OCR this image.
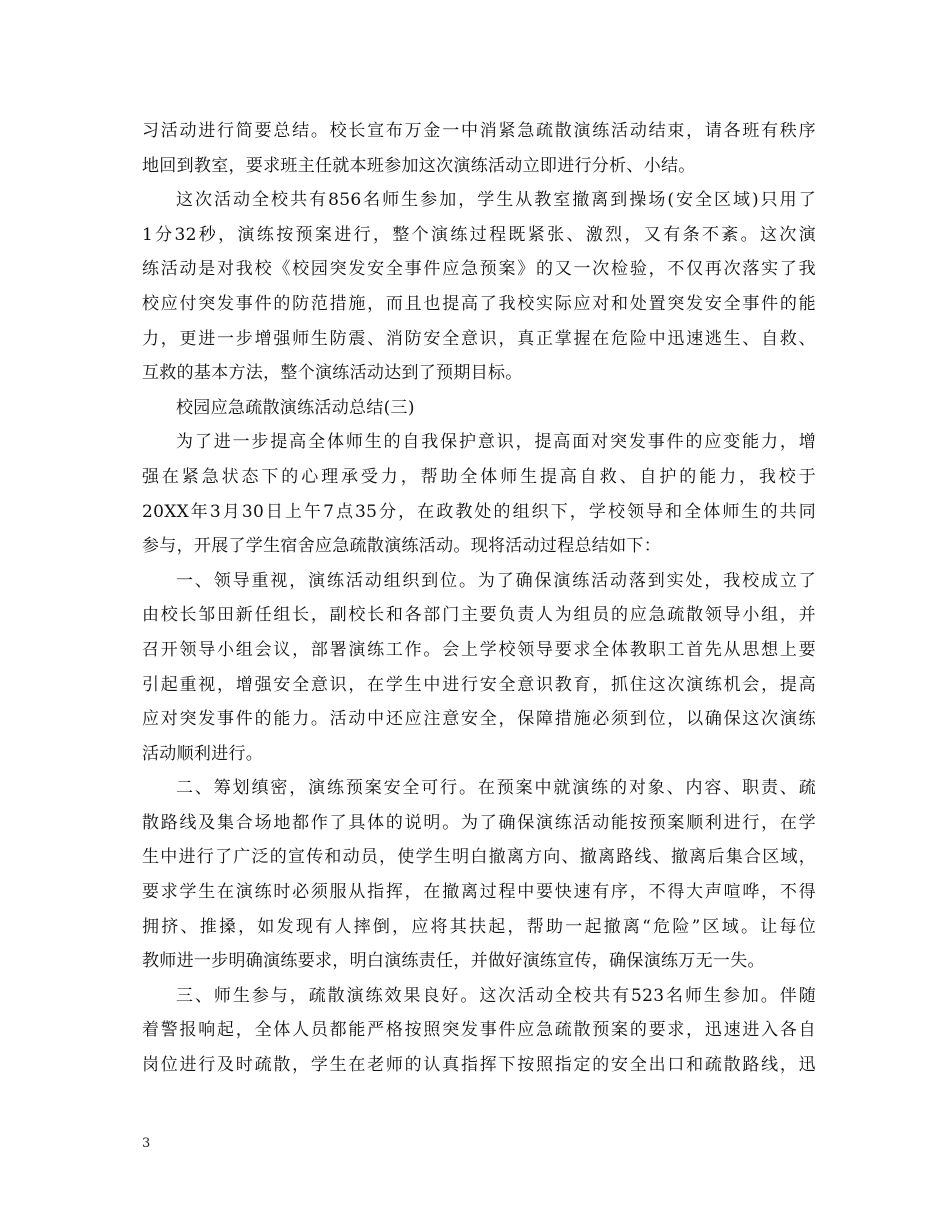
习活动进行简要总结。校长宣布万金一中消紧急疏散演练活动结束，请各班有秩序
地回到教室，要求班主任就本班参加这次演练活动立即进行分析、小结。
这次活动全校共有856名师生参加，学生从教室撤离到操场(安全区域)只用了
1分32秒，演练按预案进行，整个演练过程既紧张、激烈，又有条不紊。这次演
练活动是对我校《校园突发安全事件应急预案》的又一次检验，不仅再次落实了我
校应付突发事件的防范措施，而且也提高了我校实际应对和处置突发安全事件的能
力，更进一步增强师生防震、消防安全意识，真正掌握在危险中迅速逃生、自救、
互救的基本方法，整个演练活动达到了预期目标。
校园应急疏散演练活动总结(三)
为了进一步提高全体师生的自我保护意识，提高面对突发事件的应变能力，增
强在紧急状态下的心理承受力，帮助全体师生提高自救、自护的能力，我校于
20XX年3月30日上午7点35分，在政教处的组织下，学校领导和全体师生的共同
参与，开展了学生宿舍应急疏散演练活动。现将活动过程总结如下：
一、领导重视，演练活动组织到位。为了确保演练活动落到实处，我校成立了
由校长邹田新任组长，副校长和各部门主要负责人为组员的应急疏散领导小组，并
召开领导小组会议，部署演练工作。会上学校领导要求全体教职工首先从思想上要
引起重视，增强安全意识，在学生中进行安全意识教育，抓住这次演练机会，提高
应对突发事件的能力。活动中还应注意安全，保障措施必须到位，以确保这次演练
活动顺利进行。
二、筹划缜密，演练预案安全可行。在预案中就演练的对象、内容、职责、疏
散路线及集合场地都作了具体的说明。为了确保演练活动能按预案顺利进行，在学
生中进行了广泛的宣传和动员，使学生明白撤离方向、撤离路线、撤离后集合区域，
要求学生在演练时必须服从指挥，在撤离过程中要快速有序，不得大声喧哗，不得
拥挤、推搡，如发现有人摔倒，应将其扶起，帮助一起撤离“危险”区域。让每位
教师进一步明确演练要求，明白演练责任，并做好演练宣传，确保演练万无一失。
三、师生参与，疏散演练效果良好。这次活动全校共有523名师生参加。伴随
着警报响起，全体人员都能严格按照突发事件应急疏散预案的要求，迅速进入各自
岗位进行及时疏散，学生在老师的认真指挥下按照指定的安全出口和疏散路线，迅
3
